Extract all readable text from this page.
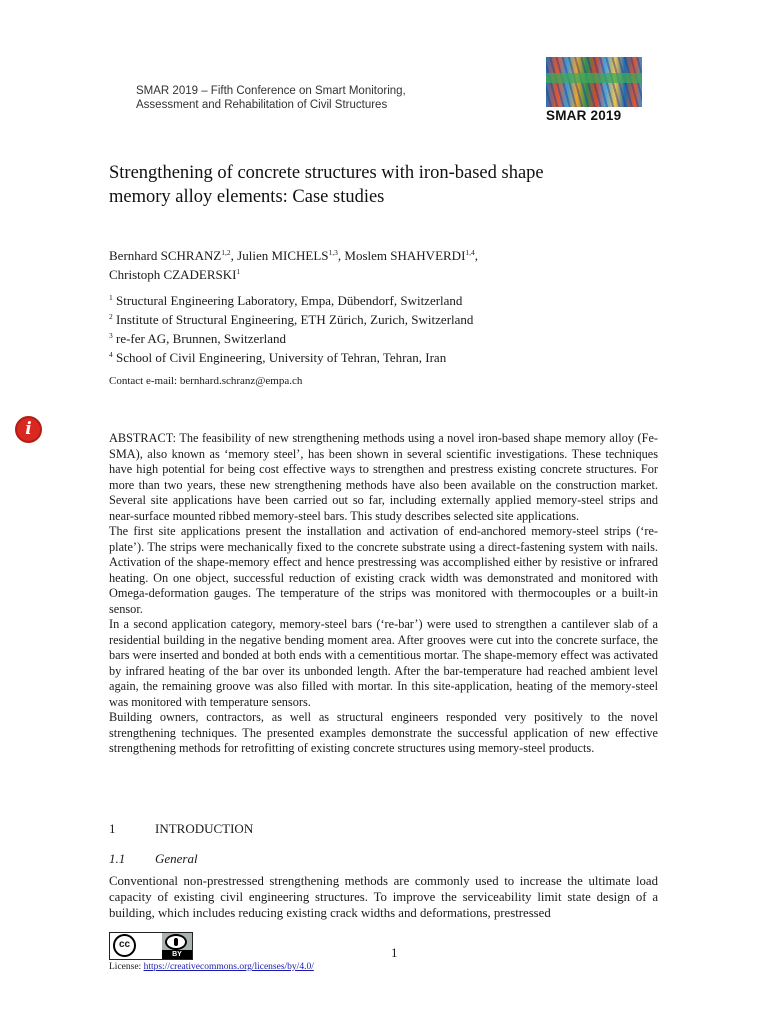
SMAR 2019 – Fifth Conference on Smart Monitoring,
Assessment and Rehabilitation of Civil Structures
SMAR 2019
Strengthening of concrete structures with iron-based shape
memory alloy elements: Case studies
Bernhard SCHRANZ$^{1,2}$, Julien MICHELS$^{1,3}$, Moslem SHAHVERDI$^{1,4}$,
Christoph CZADERSKI$^1$
$^1$ Structural Engineering Laboratory, Empa, Dübendorf, Switzerland
$^2$ Institute of Structural Engineering, ETH Zürich, Zurich, Switzerland
$^3$ re-fer AG, Brunnen, Switzerland
$^4$ School of Civil Engineering, University of Tehran, Tehran, Iran
Contact e-mail: bernhard.schranz@empa.ch
i	ABSTRACT: The feasibility of new strengthening methods using a novel iron-based shape memory alloy (Fe-SMA), also known as ‘memory steel’, has been shown in several scientific investigations. These techniques have high potential for being cost effective ways to strengthen and prestress existing concrete structures. For more than two years, these new strengthening methods have also been available on the construction market. Several site applications have been carried out so far, including externally applied memory-steel strips and near-surface mounted ribbed memory-steel bars. This study describes selected site applications.

The first site applications present the installation and activation of end-anchored memory-steel strips (‘re-plate’). The strips were mechanically fixed to the concrete substrate using a direct-fastening system with nails. Activation of the shape-memory effect and hence prestressing was accomplished either by resistive or infrared heating. On one object, successful reduction of existing crack width was demonstrated and monitored with Omega-deformation gauges. The temperature of the strips was monitored with thermocouples or a built-in sensor.

In a second application category, memory-steel bars (‘re-bar’) were used to strengthen a cantilever slab of a residential building in the negative bending moment area. After grooves were cut into the concrete surface, the bars were inserted and bonded at both ends with a cementitious mortar. The shape-memory effect was activated by infrared heating of the bar over its unbonded length. After the bar-temperature had reached ambient level again, the remaining groove was also filled with mortar. In this site-application, heating of the memory-steel was monitored with temperature sensors.

Building owners, contractors, as well as structural engineers responded very positively to the novel strengthening techniques. The presented examples demonstrate the successful application of new effective strengthening methods for retrofitting of existing concrete structures using memory-steel products.

1	INTRODUCTION
1.1 General

Conventional non-prestressed strengthening methods are commonly used to increase the ultimate load capacity of existing civil engineering structures. To improve the serviceability limit state design of a building, which includes reducing existing crack widths and deformations, prestressed

cc
BY	1
License: https://creativecommons.org/licenses/by/4.0/
